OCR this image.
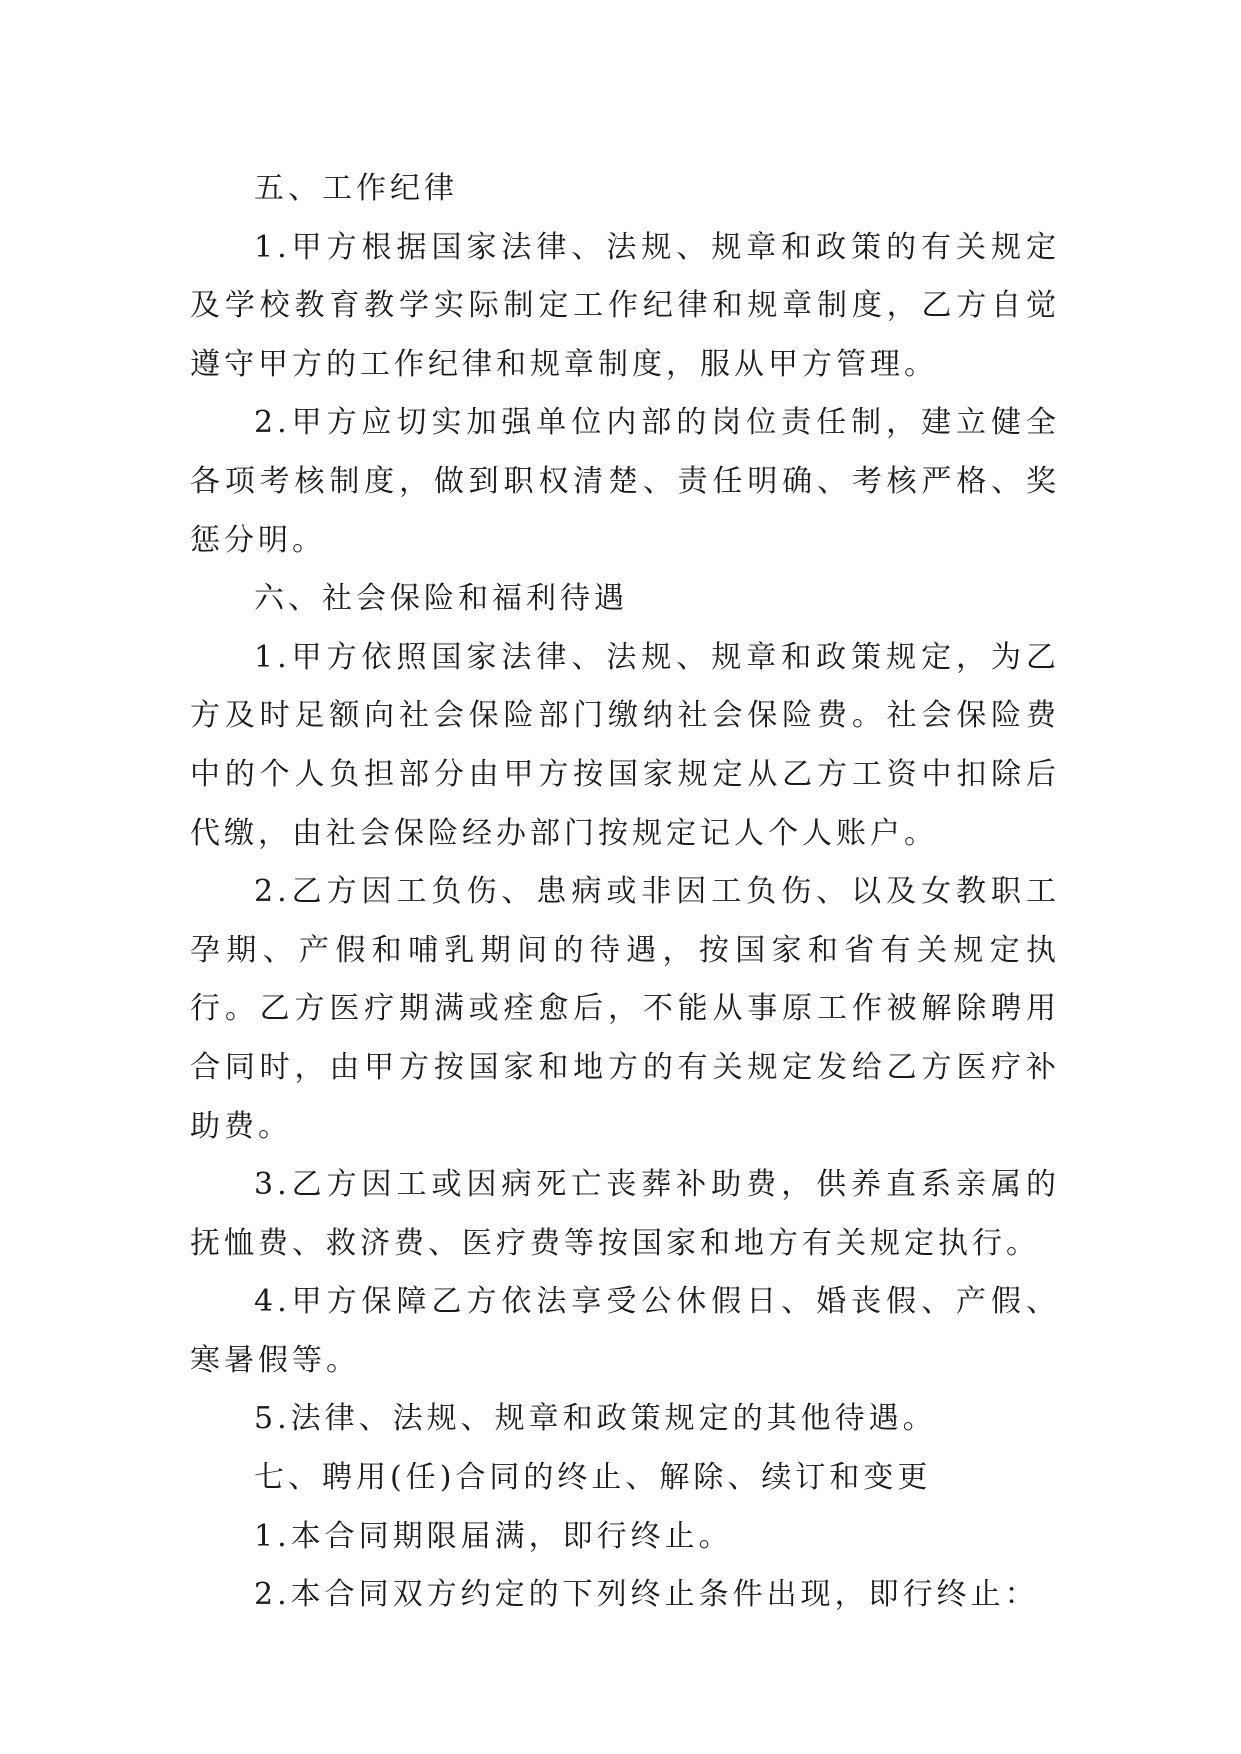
五、工作纪律

1.甲方根据国家法律、法规、规章和政策的有关规定及学校教育教学实际制定工作纪律和规章制度，乙方自觉遵守甲方的工作纪律和规章制度，服从甲方管理。

2.甲方应切实加强单位内部的岗位责任制，建立健全各项考核制度，做到职权清楚、责任明确、考核严格、奖惩分明。

六、社会保险和福利待遇

1.甲方依照国家法律、法规、规章和政策规定，为乙方及时足额向社会保险部门缴纳社会保险费。社会保险费中的个人负担部分由甲方按国家规定从乙方工资中扣除后代缴，由社会保险经办部门按规定记人个人账户。

2.乙方因工负伤、患病或非因工负伤、以及女教职工孕期、产假和哺乳期间的待遇，按国家和省有关规定执行。乙方医疗期满或痊愈后，不能从事原工作被解除聘用合同时，由甲方按国家和地方的有关规定发给乙方医疗补助费。

3.乙方因工或因病死亡丧葬补助费，供养直系亲属的抚恤费、救济费、医疗费等按国家和地方有关规定执行。

4.甲方保障乙方依法享受公休假日、婚丧假、产假、寒暑假等。

5.法律、法规、规章和政策规定的其他待遇。

七、聘用(任)合同的终止、解除、续订和变更

1.本合同期限届满，即行终止。

2.本合同双方约定的下列终止条件出现，即行终止：
